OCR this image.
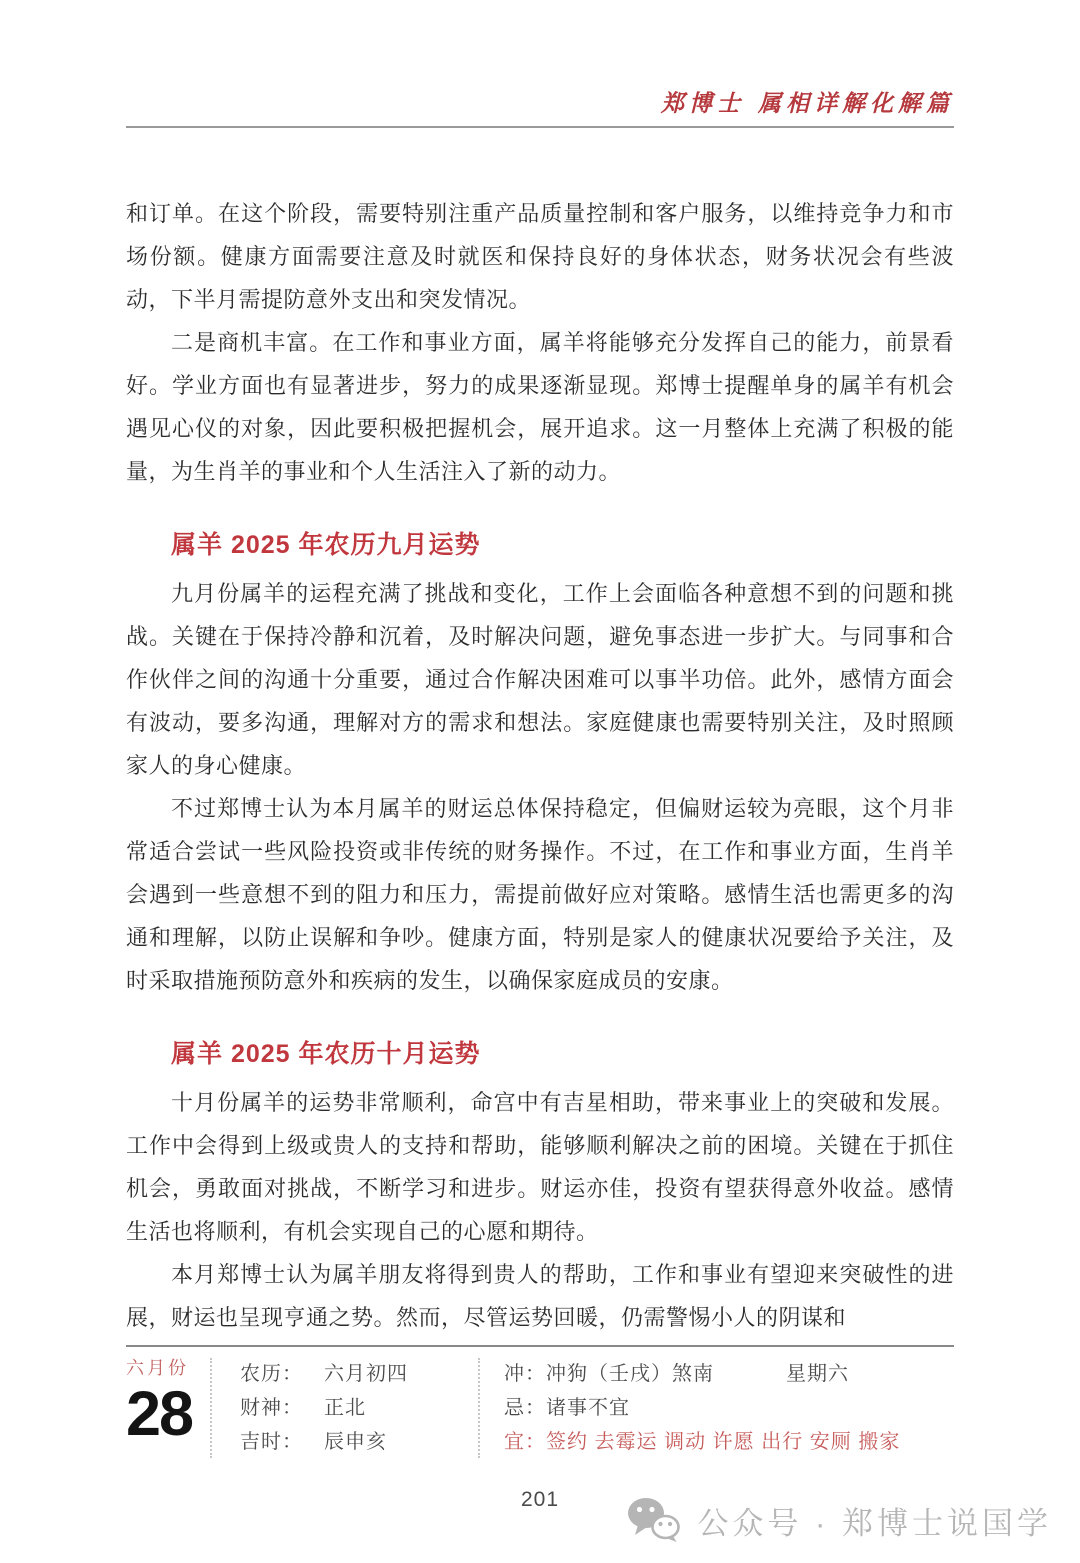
郑博士 属相详解化解篇

和订单。在这个阶段，需要特别注重产品质量控制和客户服务，以维持竞争力和市场份额。健康方面需要注意及时就医和保持良好的身体状态，财务状况会有些波动，下半月需提防意外支出和突发情况。

二是商机丰富。在工作和事业方面，属羊将能够充分发挥自己的能力，前景看好。学业方面也有显著进步，努力的成果逐渐显现。郑博士提醒单身的属羊有机会遇见心仪的对象，因此要积极把握机会，展开追求。这一月整体上充满了积极的能量，为生肖羊的事业和个人生活注入了新的动力。

属羊 2025 年农历九月运势

九月份属羊的运程充满了挑战和变化，工作上会面临各种意想不到的问题和挑战。关键在于保持冷静和沉着，及时解决问题，避免事态进一步扩大。与同事和合作伙伴之间的沟通十分重要，通过合作解决困难可以事半功倍。此外，感情方面会有波动，要多沟通，理解对方的需求和想法。家庭健康也需要特别关注，及时照顾家人的身心健康。

不过郑博士认为本月属羊的财运总体保持稳定，但偏财运较为亮眼，这个月非常适合尝试一些风险投资或非传统的财务操作。不过，在工作和事业方面，生肖羊会遇到一些意想不到的阻力和压力，需提前做好应对策略。感情生活也需更多的沟通和理解，以防止误解和争吵。健康方面，特别是家人的健康状况要给予关注，及时采取措施预防意外和疾病的发生，以确保家庭成员的安康。

属羊 2025 年农历十月运势

十月份属羊的运势非常顺利，命宫中有吉星相助，带来事业上的突破和发展。工作中会得到上级或贵人的支持和帮助，能够顺利解决之前的困境。关键在于抓住机会，勇敢面对挑战，不断学习和进步。财运亦佳，投资有望获得意外收益。感情生活也将顺利，有机会实现自己的心愿和期待。

本月郑博士认为属羊朋友将得到贵人的帮助，工作和事业有望迎来突破性的进展，财运也呈现亨通之势。然而，尽管运势回暖，仍需警惕小人的阴谋和

六月份
28
农历： 六月初四
财神： 正北
吉时： 辰申亥
冲：冲狗（壬戌）煞南	星期六
忌：诸事不宜
宜：签约 去霉运 调动 许愿 出行 安厕 搬家
201
公众号 · 郑博士说国学
